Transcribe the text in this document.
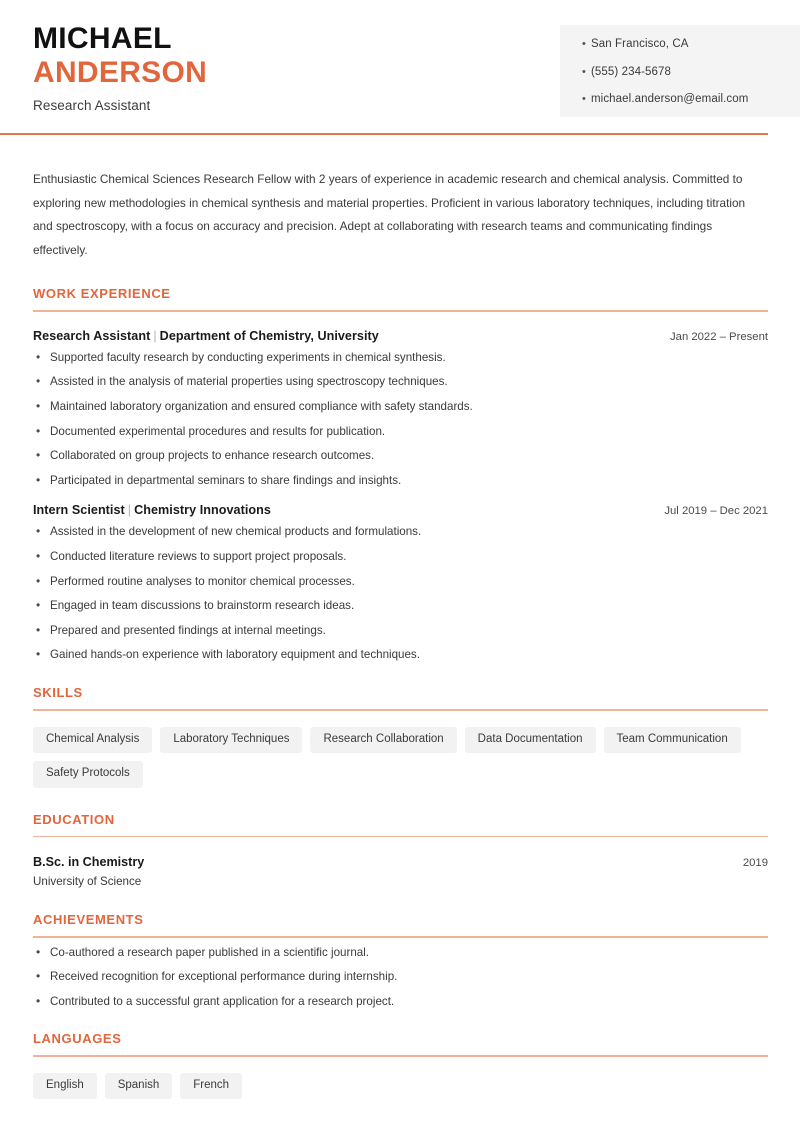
• San Francisco, CA
• (555) 234-5678
• michael.anderson@email.com
MICHAEL
ANDERSON
Research Assistant
Enthusiastic Chemical Sciences Research Fellow with 2 years of experience in academic research and chemical analysis. Committed to exploring new methodologies in chemical synthesis and material properties. Proficient in various laboratory techniques, including titration and spectroscopy, with a focus on accuracy and precision. Adept at collaborating with research teams and communicating findings effectively.
WORK EXPERIENCE
Research Assistant | Department of Chemistry, University	Jan 2022 – Present
• Supported faculty research by conducting experiments in chemical synthesis.
• Assisted in the analysis of material properties using spectroscopy techniques.
• Maintained laboratory organization and ensured compliance with safety standards.
• Documented experimental procedures and results for publication.
• Collaborated on group projects to enhance research outcomes.
• Participated in departmental seminars to share findings and insights.
Intern Scientist | Chemistry Innovations	Jul 2019 – Dec 2021
• Assisted in the development of new chemical products and formulations.
• Conducted literature reviews to support project proposals.
• Performed routine analyses to monitor chemical processes.
• Engaged in team discussions to brainstorm research ideas.
• Prepared and presented findings at internal meetings.
• Gained hands-on experience with laboratory equipment and techniques.
SKILLS
Chemical Analysis	Laboratory Techniques	Research Collaboration	Data Documentation	Team Communication
Safety Protocols
EDUCATION
B.Sc. in Chemistry	2019
University of Science
ACHIEVEMENTS
• Co-authored a research paper published in a scientific journal.
• Received recognition for exceptional performance during internship.
• Contributed to a successful grant application for a research project.
LANGUAGES
English	Spanish	French
